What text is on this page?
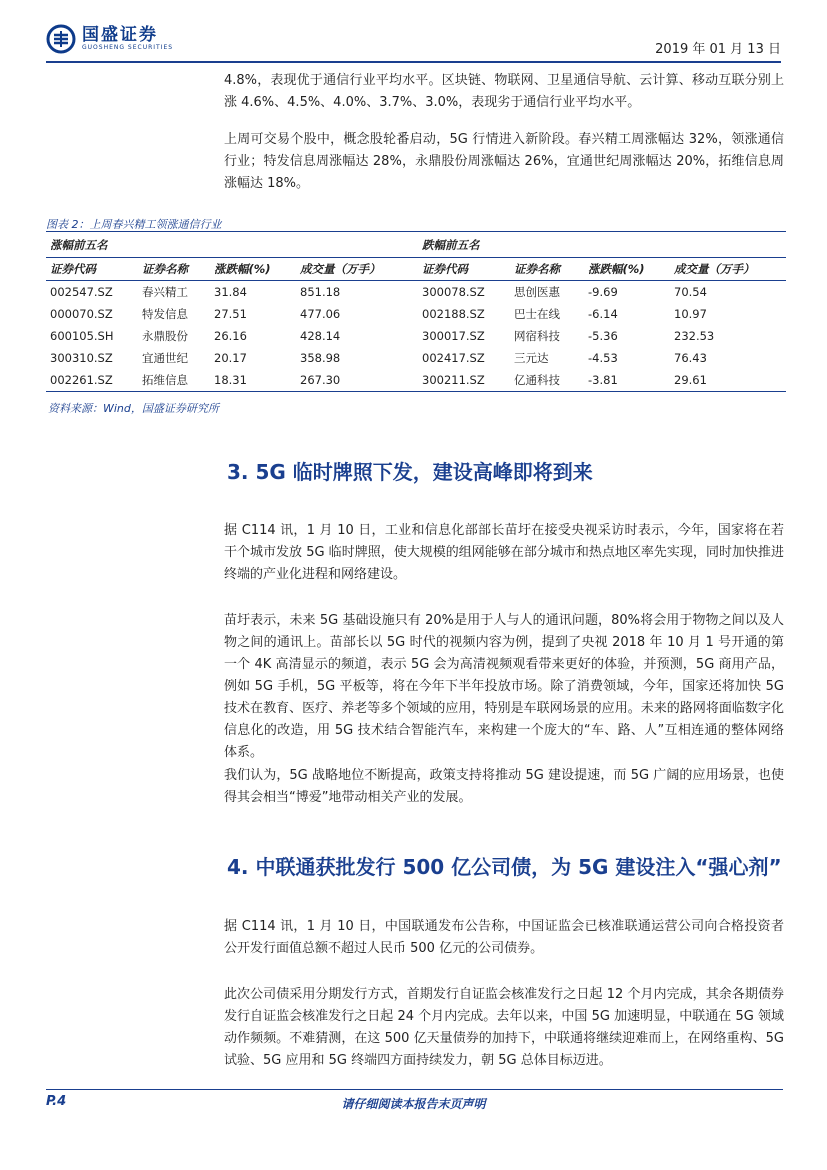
国盛证券
GUOSHENG SECURITIES	2019 年 01 月 13 日

4.8%，表现优于通信行业平均水平。区块链、物联网、卫星通信导航、云计算、移动互联分别上涨 4.6%、4.5%、4.0%、3.7%、3.0%，表现劣于通信行业平均水平。

上周可交易个股中，概念股轮番启动，5G 行情进入新阶段。春兴精工周涨幅达 32%，领涨通信行业；特发信息周涨幅达 28%，永鼎股份周涨幅达 26%，宜通世纪周涨幅达 20%，拓维信息周涨幅达 18%。

图表 2：上周春兴精工领涨通信行业
涨幅前五名				跌幅前五名			
证券代码	证券名称	涨跌幅(%)	成交量（万手）	证券代码	证券名称	涨跌幅(%)	成交量（万手）
002547.SZ	春兴精工	31.84	851.18	300078.SZ	思创医惠	-9.69	70.54
000070.SZ	特发信息	27.51	477.06	002188.SZ	巴士在线	-6.14	10.97
600105.SH	永鼎股份	26.16	428.14	300017.SZ	网宿科技	-5.36	232.53
300310.SZ	宜通世纪	20.17	358.98	002417.SZ	三元达	-4.53	76.43
002261.SZ	拓维信息	18.31	267.30	300211.SZ	亿通科技	-3.81	29.61
资料来源：Wind，国盛证券研究所
3. 5G 临时牌照下发，建设高峰即将到来

据 C114 讯，1 月 10 日，工业和信息化部部长苗圩在接受央视采访时表示，今年，国家将在若干个城市发放 5G 临时牌照，使大规模的组网能够在部分城市和热点地区率先实现，同时加快推进终端的产业化进程和网络建设。

苗圩表示，未来 5G 基础设施只有 20%是用于人与人的通讯问题，80%将会用于物物之间以及人物之间的通讯上。苗部长以 5G 时代的视频内容为例，提到了央视 2018 年 10 月 1 号开通的第一个 4K 高清显示的频道，表示 5G 会为高清视频观看带来更好的体验，并预测，5G 商用产品，例如 5G 手机，5G 平板等，将在今年下半年投放市场。除了消费领域，今年，国家还将加快 5G 技术在教育、医疗、养老等多个领域的应用，特别是车联网场景的应用。未来的路网将面临数字化信息化的改造，用 5G 技术结合智能汽车，来构建一个庞大的“车、路、人”互相连通的整体网络体系。

我们认为，5G 战略地位不断提高，政策支持将推动 5G 建设提速，而 5G 广阔的应用场景，也使得其会相当“博爱”地带动相关产业的发展。

4. 中联通获批发行 500 亿公司债，为 5G 建设注入“强心剂”

据 C114 讯，1 月 10 日，中国联通发布公告称，中国证监会已核准联通运营公司向合格投资者公开发行面值总额不超过人民币 500 亿元的公司债券。

此次公司债采用分期发行方式，首期发行自证监会核准发行之日起 12 个月内完成，其余各期债券发行自证监会核准发行之日起 24 个月内完成。去年以来，中国 5G 加速明显，中联通在 5G 领域动作频频。不难猜测，在这 500 亿天量债券的加持下，中联通将继续迎难而上，在网络重构、5G 试验、5G 应用和 5G 终端四方面持续发力，朝 5G 总体目标迈进。

P.4	请仔细阅读本报告末页声明
